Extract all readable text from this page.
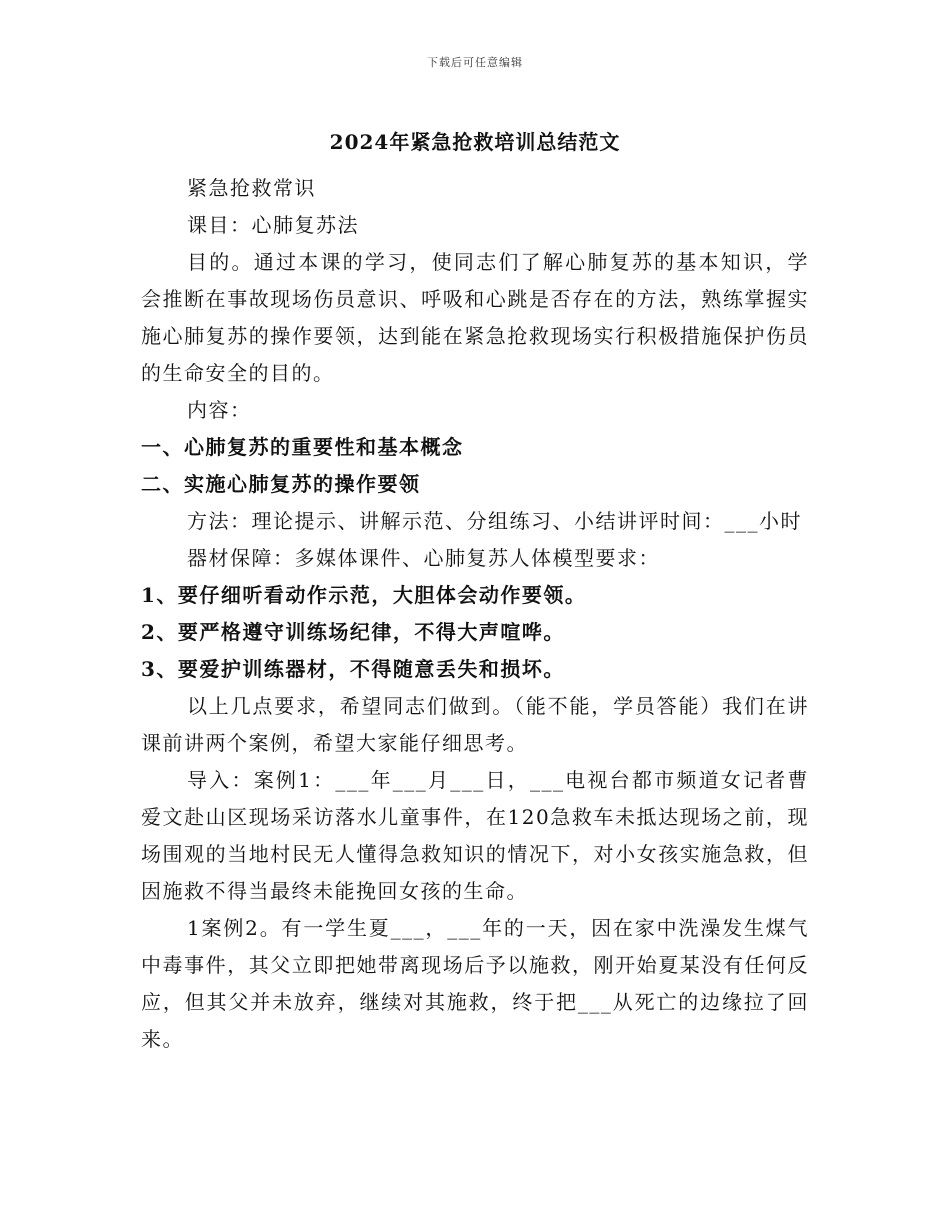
下载后可任意编辑
2024年紧急抢救培训总结范文

紧急抢救常识

课目：心肺复苏法

目的。通过本课的学习，使同志们了解心肺复苏的基本知识，学会推断在事故现场伤员意识、呼吸和心跳是否存在的方法，熟练掌握实施心肺复苏的操作要领，达到能在紧急抢救现场实行积极措施保护伤员的生命安全的目的。

内容：

一、心肺复苏的重要性和基本概念

二、实施心肺复苏的操作要领

方法：理论提示、讲解示范、分组练习、小结讲评时间：___小时

器材保障：多媒体课件、心肺复苏人体模型要求：

1、要仔细听看动作示范，大胆体会动作要领。

2、要严格遵守训练场纪律，不得大声喧哗。

3、要爱护训练器材，不得随意丢失和损坏。

以上几点要求，希望同志们做到。（能不能，学员答能）我们在讲课前讲两个案例，希望大家能仔细思考。

导入：案例1：___年___月___日，___电视台都市频道女记者曹爱文赴山区现场采访落水儿童事件，在120急救车未抵达现场之前，现场围观的当地村民无人懂得急救知识的情况下，对小女孩实施急救，但因施救不得当最终未能挽回女孩的生命。

1案例2。有一学生夏___，___年的一天，因在家中洗澡发生煤气中毒事件，其父立即把她带离现场后予以施救，刚开始夏某没有任何反应，但其父并未放弃，继续对其施救，终于把___从死亡的边缘拉了回来。
